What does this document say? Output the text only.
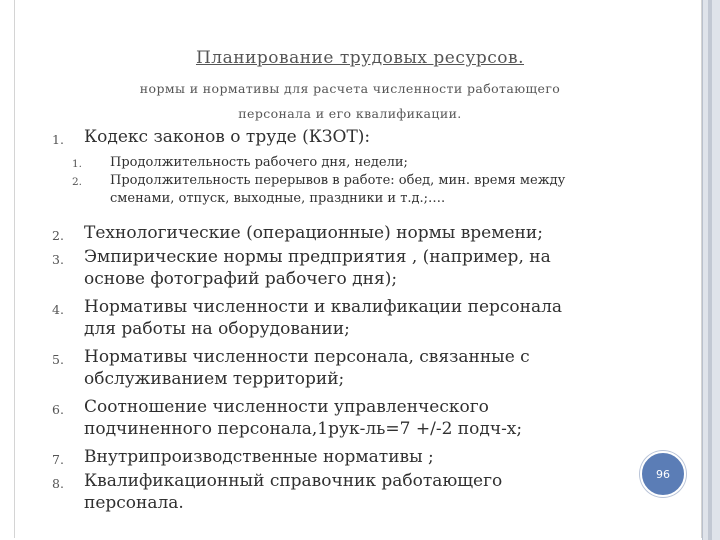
Планирование трудовых ресурсов.
нормы и нормативы для расчета численности работающего
персонала и его квалификации.
1. Кодекс законов о труде (КЗОТ):
1. Продолжительность рабочего дня, недели;
2. Продолжительность перерывов в работе: обед, мин. время между
сменами, отпуск, выходные, праздники и т.д.;….
2. Технологические (операционные) нормы времени;
3. Эмпирические нормы предприятия , (например, на
основе фотографий рабочего дня);
4. Нормативы численности и квалификации персонала
для работы на оборудовании;
5. Нормативы численности персонала, связанные с
обслуживанием территорий;
6. Соотношение численности управленческого
подчиненного персонала,1рук-ль=7 +/-2 подч-х;
7. Внутрипроизводственные нормативы ;
8. Квалификационный справочник работающего
персонала.
96
